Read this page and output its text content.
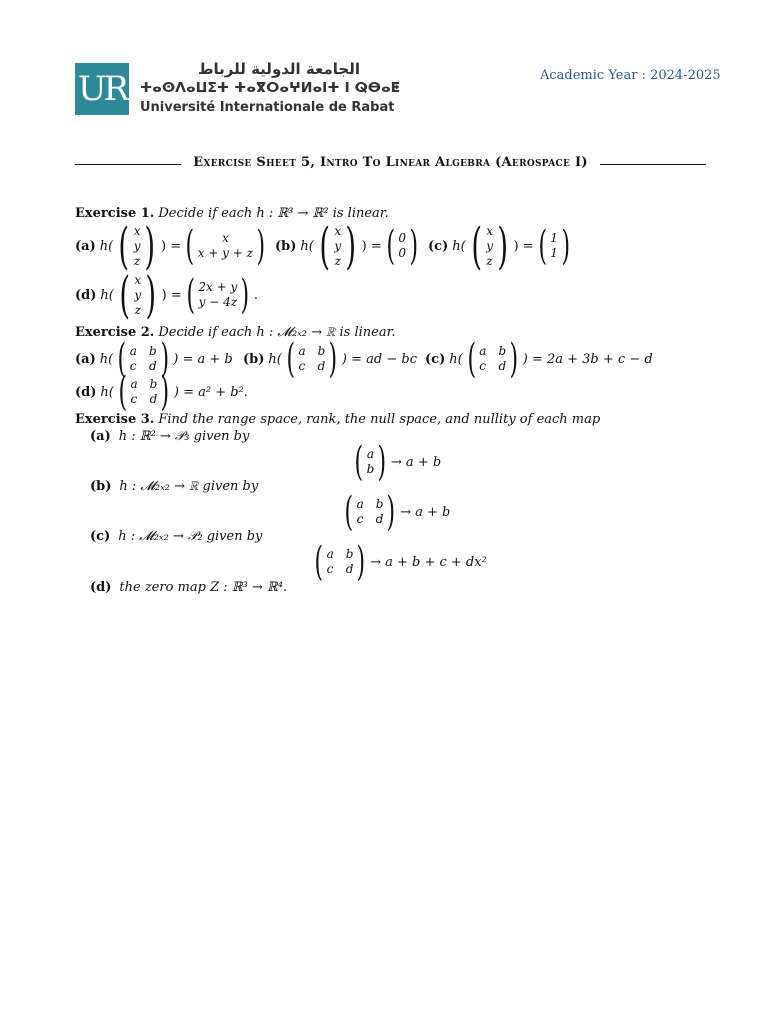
UR	الجامعة الدولية للرباط
ⵜⴰⵙⴷⴰⵡⵉⵜ ⵜⴰⴳⵔⴰⵖⵍⴰⵏⵜ ⵏ ⵕⴱⴰⵟ
Université Internationale de Rabat
Academic Year : 2024-2025
Exercise Sheet 5, Intro To Linear Algebra (Aerospace I)
Exercise 1. Decide if each h : ℝ³ → ℝ² is linear.
(a) h( ( x
y
z ) ) = ( x
x + y + z ) (b) h( ( x
y
z ) ) = ( 0
0 ) (c) h( ( x
y
z ) ) = ( 1
1 )
(d) h( ( x
y
z ) ) = ( 2x + y
y − 4z ) .
Exercise 2. Decide if each h : 𝓜₂ₓ₂ → ℝ is linear.
(a) h( ( a b
c d ) ) = a + b (b) h( ( a b
c d ) ) = ad − bc (c) h( ( a b
c d ) ) = 2a + 3b + c − d
(d) h( ( a b
c d ) ) = a² + b².
Exercise 3. Find the range space, rank, the null space, and nullity of each map
(a) h : ℝ² → 𝒫₃ given by
( a
b ) → a + b
(b) h : 𝓜₂ₓ₂ → ℝ given by
( a b
c d ) → a + b
(c) h : 𝓜₂ₓ₂ → 𝒫₂ given by
( a b
c d ) → a + b + c + dx²
(d) the zero map Z : ℝ³ → ℝ⁴.
